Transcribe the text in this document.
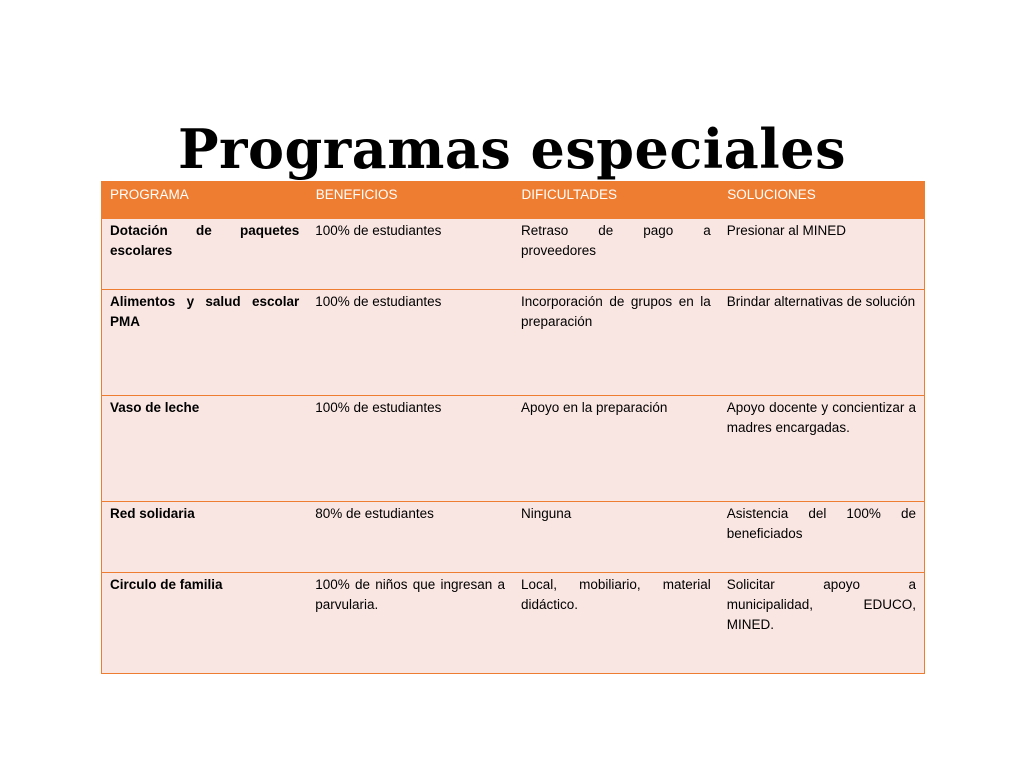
Programas especiales
PROGRAMA	BENEFICIOS	DIFICULTADES	SOLUCIONES
Dotación de paquetes escolares	100% de estudiantes	Retraso de pago a proveedores	Presionar al MINED
Alimentos y salud escolar PMA	100% de estudiantes	Incorporación de grupos en la preparación	Brindar alternativas de solución
Vaso de leche	100% de estudiantes	Apoyo en la preparación	Apoyo docente y concientizar a madres encargadas.
Red solidaria	80% de estudiantes	Ninguna	Asistencia del 100% de beneficiados
Circulo de familia	100% de niños que ingresan a parvularia.	Local, mobiliario, material didáctico.	Solicitar apoyo a municipalidad, EDUCO, MINED.
